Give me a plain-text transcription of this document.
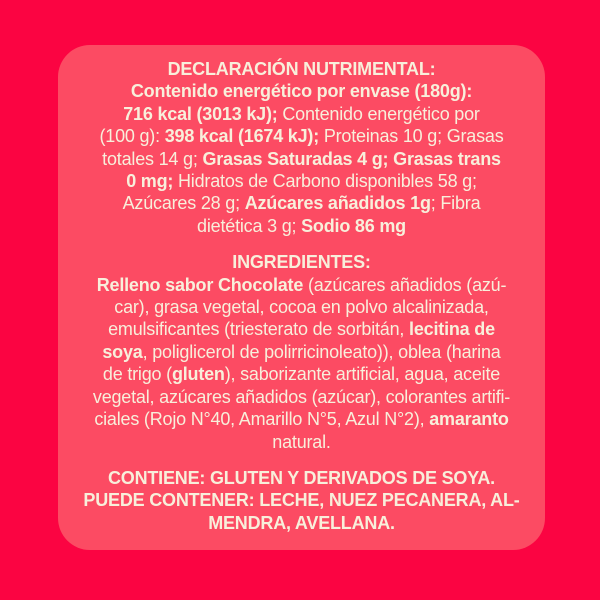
DECLARACIÓN NUTRIMENTAL:
Contenido energético por envase (180g):
716 kcal (3013 kJ); Contenido energético por
(100 g): 398 kcal (1674 kJ); Proteinas 10 g; Grasas
totales 14 g; Grasas Saturadas 4 g; Grasas trans
0 mg; Hidratos de Carbono disponibles 58 g;
Azúcares 28 g; Azúcares añadidos 1g; Fibra
dietética 3 g; Sodio 86 mg
INGREDIENTES:
Relleno sabor Chocolate (azúcares añadidos (azú-
car), grasa vegetal, cocoa en polvo alcalinizada,
emulsificantes (triesterato de sorbitán, lecitina de
soya, poliglicerol de polirricinoleato)), oblea (harina
de trigo (gluten), saborizante artificial, agua, aceite
vegetal, azúcares añadidos (azúcar), colorantes artifi-
ciales (Rojo N°40, Amarillo N°5, Azul N°2), amaranto
natural.
CONTIENE: GLUTEN Y DERIVADOS DE SOYA.
PUEDE CONTENER: LECHE, NUEZ PECANERA, AL-
MENDRA, AVELLANA.
